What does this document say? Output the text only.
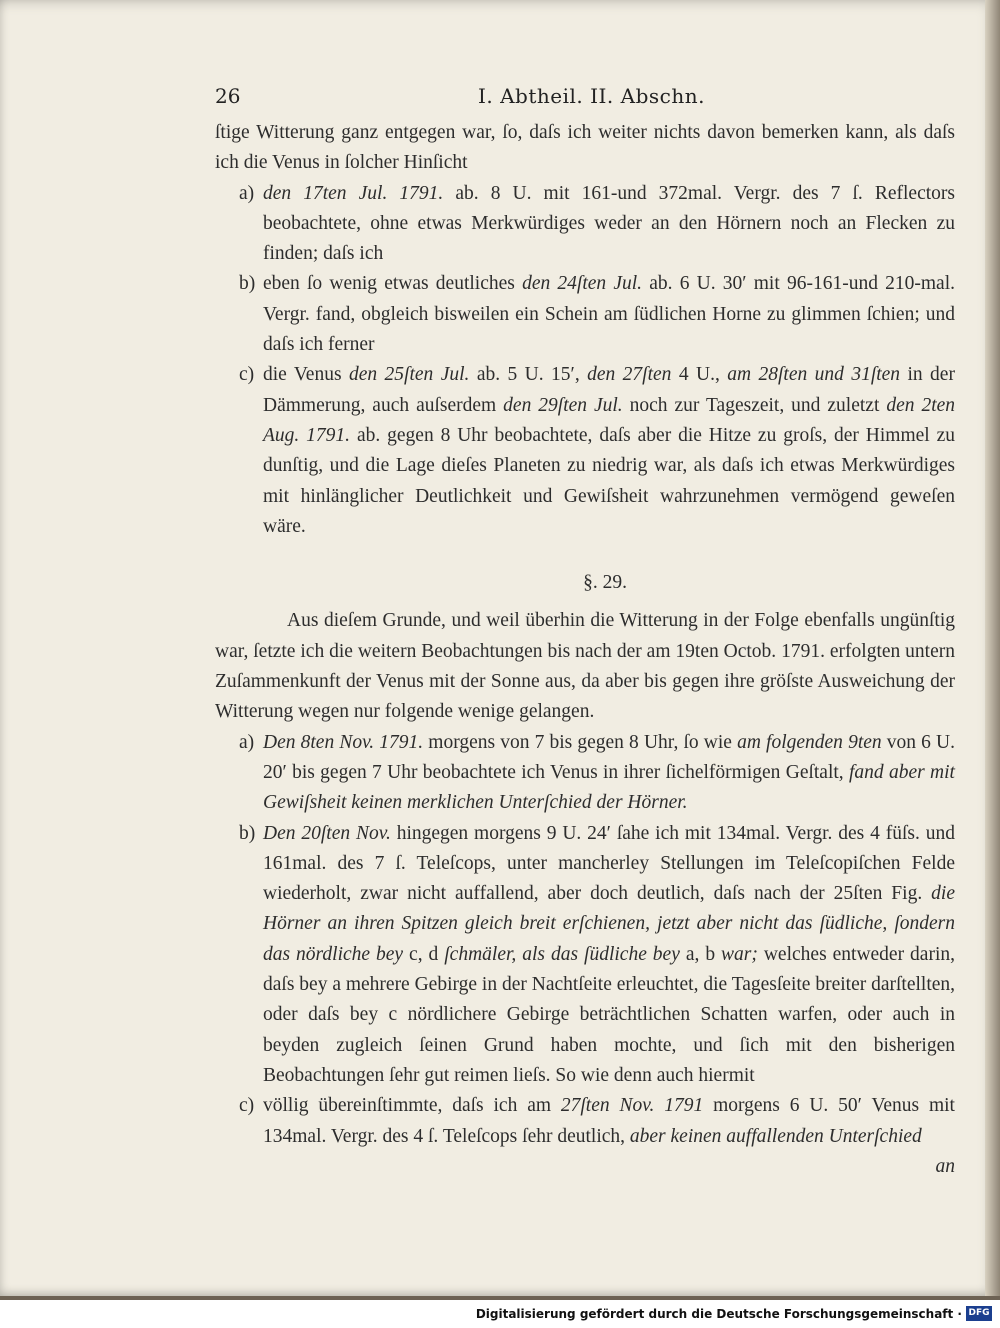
26	I. Abtheil. II. Abschn.

ſtige Witterung ganz entgegen war, ſo, daſs ich weiter nichts davon bemerken kann, als daſs ich die Venus in ſolcher Hinſicht

a) den 17ten Jul. 1791. ab. 8 U. mit 161-und 372mal. Vergr. des 7 ſ. Reflectors beobachtete, ohne etwas Merkwürdiges weder an den Hörnern noch an Flecken zu finden; daſs ich

b) eben ſo wenig etwas deutliches den 24ſten Jul. ab. 6 U. 30′ mit 96-161-und 210-mal. Vergr. fand, obgleich bisweilen ein Schein am ſüdlichen Horne zu glimmen ſchien; und daſs ich ferner

c) die Venus den 25ſten Jul. ab. 5 U. 15′, den 27ſten 4 U., am 28ſten und 31ſten in der Dämmerung, auch auſserdem den 29ſten Jul. noch zur Tageszeit, und zuletzt den 2ten Aug. 1791. ab. gegen 8 Uhr beobachtete, daſs aber die Hitze zu groſs, der Himmel zu dunſtig, und die Lage dieſes Planeten zu niedrig war, als daſs ich etwas Merkwürdiges mit hinlänglicher Deutlichkeit und Gewiſsheit wahrzunehmen vermögend geweſen wäre.

§. 29.

Aus dieſem Grunde, und weil überhin die Witterung in der Folge ebenfalls ungünſtig war, ſetzte ich die weitern Beobachtungen bis nach der am 19ten Octob. 1791. erfolgten untern Zuſammenkunft der Venus mit der Sonne aus, da aber bis gegen ihre gröſste Ausweichung der Witterung wegen nur folgende wenige gelangen.

a) Den 8ten Nov. 1791. morgens von 7 bis gegen 8 Uhr, ſo wie am folgenden 9ten von 6 U. 20′ bis gegen 7 Uhr beobachtete ich Venus in ihrer ſichelförmigen Geſtalt, fand aber mit Gewiſsheit keinen merklichen Unterſchied der Hörner.

b) Den 20ſten Nov. hingegen morgens 9 U. 24′ ſahe ich mit 134mal. Vergr. des 4 füſs. und 161mal. des 7 ſ. Teleſcops, unter mancherley Stellungen im Teleſcopiſchen Felde wiederholt, zwar nicht auffallend, aber doch deutlich, daſs nach der 25ſten Fig. die Hörner an ihren Spitzen gleich breit erſchienen, jetzt aber nicht das ſüdliche, ſondern das nördliche bey c, d ſchmäler, als das ſüdliche bey a, b war; welches entweder darin, daſs bey a mehrere Gebirge in der Nachtſeite erleuchtet, die Tagesſeite breiter darſtellten, oder daſs bey c nördlichere Gebirge beträchtlichen Schatten warfen, oder auch in beyden zugleich ſeinen Grund haben mochte, und ſich mit den bisherigen Beobachtungen ſehr gut reimen lieſs. So wie denn auch hiermit

c) völlig übereinſtimmte, daſs ich am 27ſten Nov. 1791 morgens 6 U. 50′ Venus mit 134mal. Vergr. des 4 ſ. Teleſcops ſehr deutlich, aber keinen auffallenden Unterſchied

an
Digitalisierung gefördert durch die Deutsche Forschungsgemeinschaft · DFG
